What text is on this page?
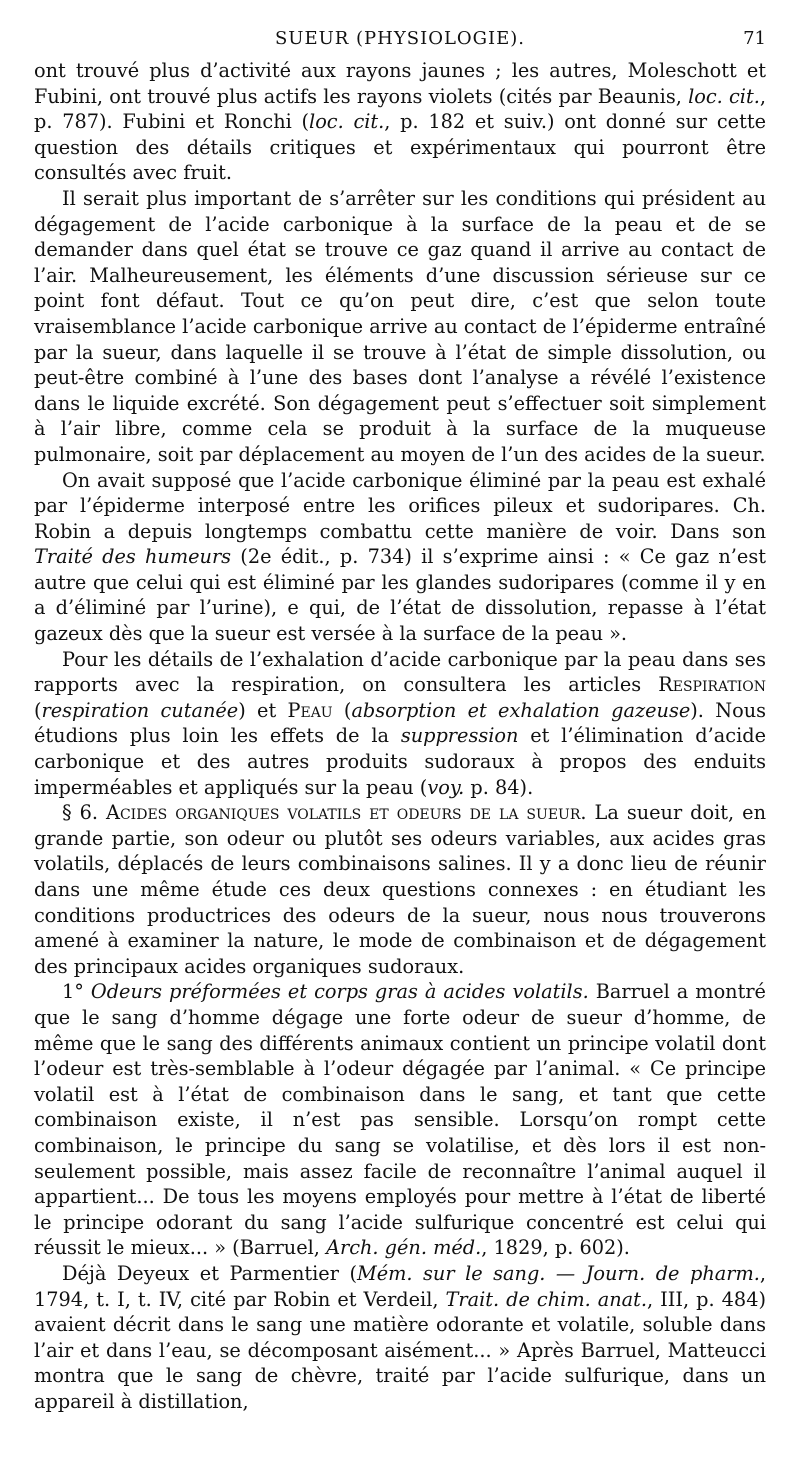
SUEUR (PHYSIOLOGIE).	71

ont trouvé plus d’activité aux rayons jaunes ; les autres, Moleschott et Fubini, ont trouvé plus actifs les rayons violets (cités par Beaunis, loc. cit., p. 787). Fubini et Ronchi (loc. cit., p. 182 et suiv.) ont donné sur cette question des détails critiques et expérimentaux qui pourront être consultés avec fruit.

Il serait plus important de s’arrêter sur les conditions qui président au dégagement de l’acide carbonique à la surface de la peau et de se demander dans quel état se trouve ce gaz quand il arrive au contact de l’air. Malheureusement, les éléments d’une discussion sérieuse sur ce point font défaut. Tout ce qu’on peut dire, c’est que selon toute vraisemblance l’acide carbonique arrive au contact de l’épiderme entraîné par la sueur, dans laquelle il se trouve à l’état de simple dissolution, ou peut-être combiné à l’une des bases dont l’analyse a révélé l’existence dans le liquide excrété. Son dégagement peut s’effectuer soit simplement à l’air libre, comme cela se produit à la surface de la muqueuse pulmonaire, soit par déplacement au moyen de l’un des acides de la sueur.

On avait supposé que l’acide carbonique éliminé par la peau est exhalé par l’épiderme interposé entre les orifices pileux et sudoripares. Ch. Robin a depuis longtemps combattu cette manière de voir. Dans son Traité des humeurs (2e édit., p. 734) il s’exprime ainsi : « Ce gaz n’est autre que celui qui est éliminé par les glandes sudoripares (comme il y en a d’éliminé par l’urine), e qui, de l’état de dissolution, repasse à l’état gazeux dès que la sueur est versée à la surface de la peau ».

Pour les détails de l’exhalation d’acide carbonique par la peau dans ses rapports avec la respiration, on consultera les articles Respiration (respiration cutanée) et Peau (absorption et exhalation gazeuse). Nous étudions plus loin les effets de la suppression et l’élimination d’acide carbonique et des autres produits sudoraux à propos des enduits imperméables et appliqués sur la peau (voy. p. 84).

§ 6. Acides organiques volatils et odeurs de la sueur. La sueur doit, en grande partie, son odeur ou plutôt ses odeurs variables, aux acides gras volatils, déplacés de leurs combinaisons salines. Il y a donc lieu de réunir dans une même étude ces deux questions connexes : en étudiant les conditions productrices des odeurs de la sueur, nous nous trouverons amené à examiner la nature, le mode de combinaison et de dégagement des principaux acides organiques sudoraux.

1° Odeurs préformées et corps gras à acides volatils. Barruel a montré que le sang d’homme dégage une forte odeur de sueur d’homme, de même que le sang des différents animaux contient un principe volatil dont l’odeur est très-semblable à l’odeur dégagée par l’animal. « Ce principe volatil est à l’état de combinaison dans le sang, et tant que cette combinaison existe, il n’est pas sensible. Lorsqu’on rompt cette combinaison, le principe du sang se volatilise, et dès lors il est non-seulement possible, mais assez facile de reconnaître l’animal auquel il appartient... De tous les moyens employés pour mettre à l’état de liberté le principe odorant du sang l’acide sulfurique concentré est celui qui réussit le mieux... » (Barruel, Arch. gén. méd., 1829, p. 602).

Déjà Deyeux et Parmentier (Mém. sur le sang. — Journ. de pharm., 1794, t. I, t. IV, cité par Robin et Verdeil, Trait. de chim. anat., III, p. 484) avaient décrit dans le sang une matière odorante et volatile, soluble dans l’air et dans l’eau, se décomposant aisément... » Après Barruel, Matteucci montra que le sang de chèvre, traité par l’acide sulfurique, dans un appareil à distillation,
